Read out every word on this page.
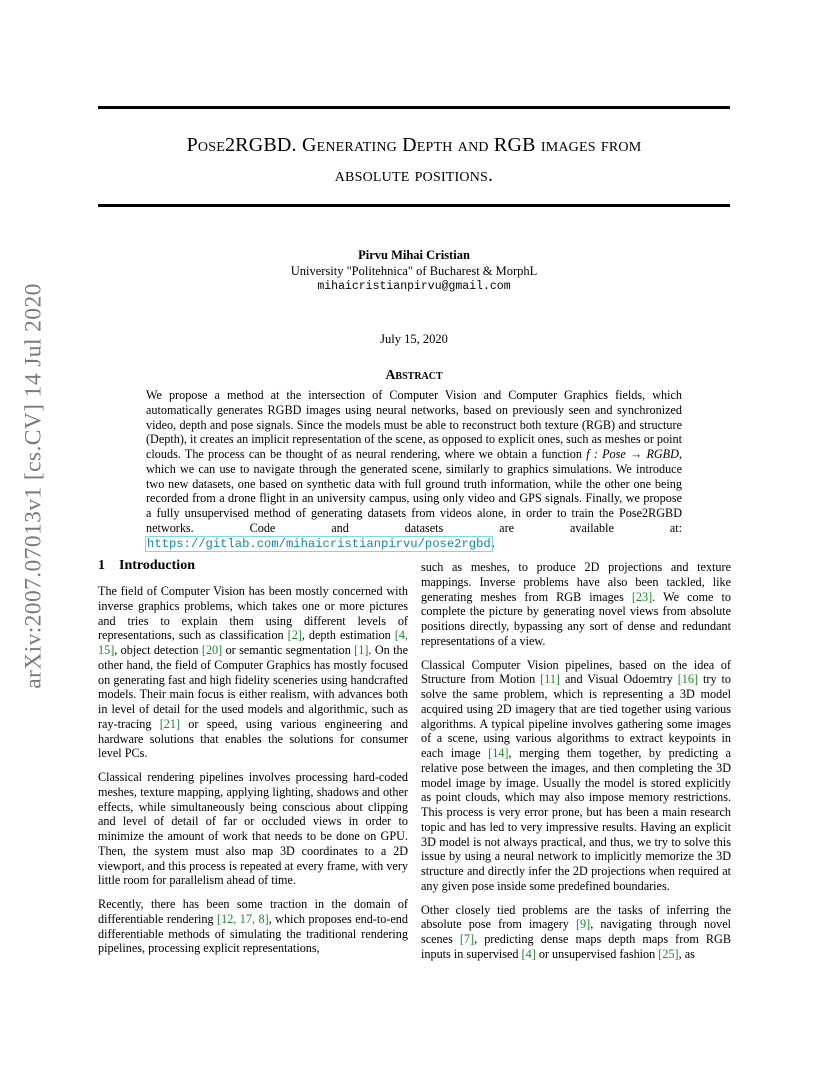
arXiv:2007.07013v1 [cs.CV] 14 Jul 2020
Pose2RGBD. Generating Depth and RGB images from
absolute positions.
Pirvu Mihai Cristian
University "Politehnica" of Bucharest & MorphL
mihaicristianpirvu@gmail.com
July 15, 2020
Abstract
We propose a method at the intersection of Computer Vision and Computer Graphics fields, which automatically generates RGBD images using neural networks, based on previously seen and synchronized video, depth and pose signals. Since the models must be able to reconstruct both texture (RGB) and structure (Depth), it creates an implicit representation of the scene, as opposed to explicit ones, such as meshes or point clouds. The process can be thought of as neural rendering, where we obtain a function f : Pose → RGBD, which we can use to navigate through the generated scene, similarly to graphics simulations. We introduce two new datasets, one based on synthetic data with full ground truth information, while the other one being recorded from a drone flight in an university campus, using only video and GPS signals. Finally, we propose a fully unsupervised method of generating datasets from videos alone, in order to train the Pose2RGBD networks. Code and datasets are available at: https://gitlab.com/mihaicristianpirvu/pose2rgbd.
1 Introduction

The field of Computer Vision has been mostly concerned with inverse graphics problems, which takes one or more pictures and tries to explain them using different levels of representations, such as classification [2], depth estimation [4, 15], object detection [20] or semantic segmentation [1]. On the other hand, the field of Computer Graphics has mostly focused on generating fast and high fidelity sceneries using handcrafted models. Their main focus is either realism, with advances both in level of detail for the used models and algorithmic, such as ray-tracing [21] or speed, using various engineering and hardware solutions that enables the solutions for consumer level PCs.

Classical rendering pipelines involves processing hard-coded meshes, texture mapping, applying lighting, shadows and other effects, while simultaneously being conscious about clipping and level of detail of far or occluded views in order to minimize the amount of work that needs to be done on GPU. Then, the system must also map 3D coordinates to a 2D viewport, and this process is repeated at every frame, with very little room for parallelism ahead of time.

Recently, there has been some traction in the domain of differentiable rendering [12, 17, 8], which proposes end-to-end differentiable methods of simulating the traditional rendering pipelines, processing explicit representations,

such as meshes, to produce 2D projections and texture mappings. Inverse problems have also been tackled, like generating meshes from RGB images [23]. We come to complete the picture by generating novel views from absolute positions directly, bypassing any sort of dense and redundant representations of a view.

Classical Computer Vision pipelines, based on the idea of Structure from Motion [11] and Visual Odoemtry [16] try to solve the same problem, which is representing a 3D model acquired using 2D imagery that are tied together using various algorithms. A typical pipeline involves gathering some images of a scene, using various algorithms to extract keypoints in each image [14], merging them together, by predicting a relative pose between the images, and then completing the 3D model image by image. Usually the model is stored explicitly as point clouds, which may also impose memory restrictions. This process is very error prone, but has been a main research topic and has led to very impressive results. Having an explicit 3D model is not always practical, and thus, we try to solve this issue by using a neural network to implicitly memorize the 3D structure and directly infer the 2D projections when required at any given pose inside some predefined boundaries.

Other closely tied problems are the tasks of inferring the absolute pose from imagery [9], navigating through novel scenes [7], predicting dense maps depth maps from RGB inputs in supervised [4] or unsupervised fashion [25], as
